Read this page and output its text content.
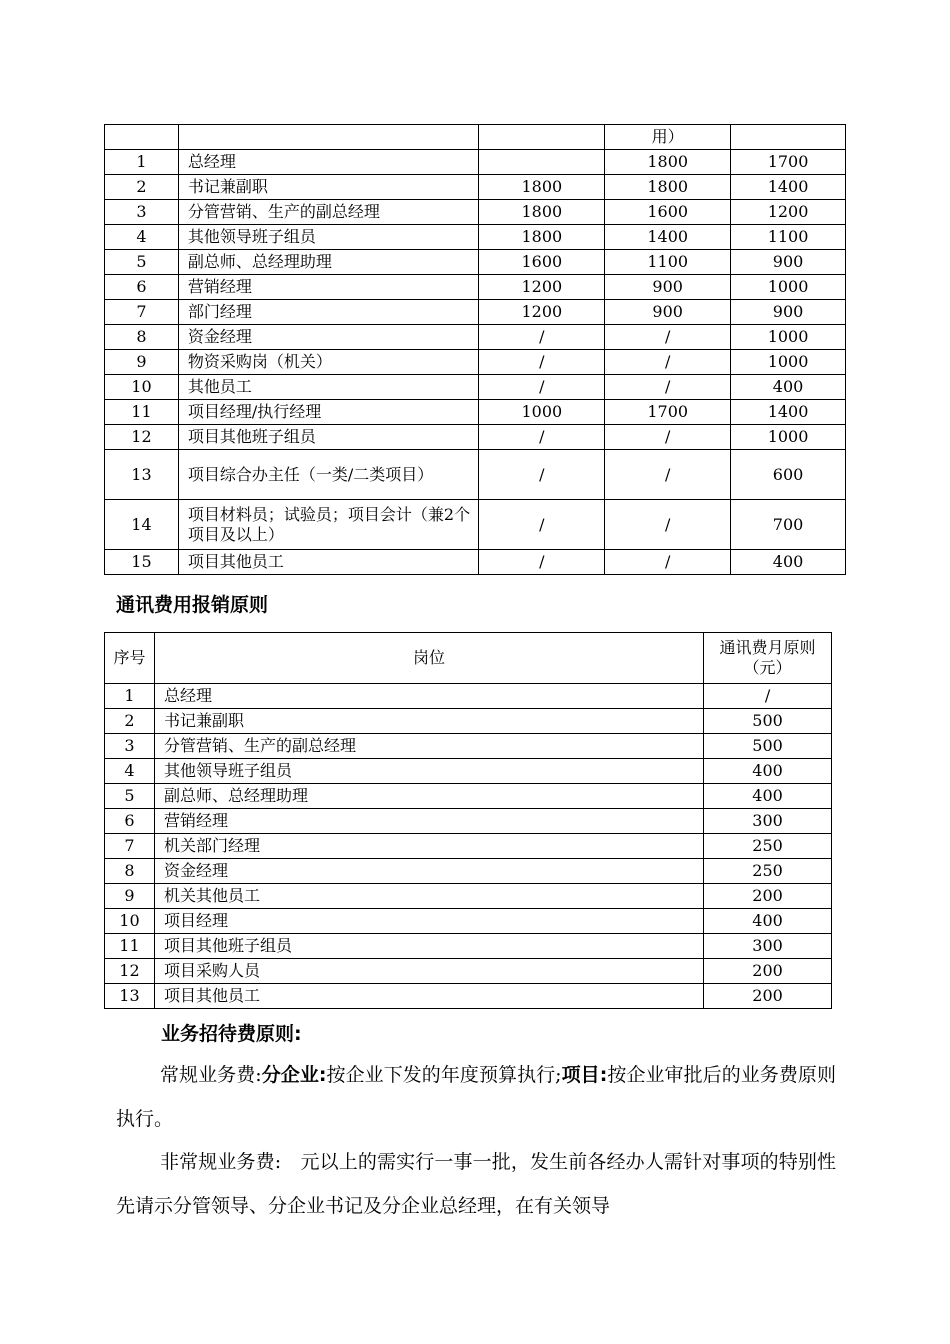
			用）	
1	总经理		1800	1700
2	书记兼副职	1800	1800	1400
3	分管营销、生产的副总经理	1800	1600	1200
4	其他领导班子组员	1800	1400	1100
5	副总师、总经理助理	1600	1100	900
6	营销经理	1200	900	1000
7	部门经理	1200	900	900
8	资金经理	/	/	1000
9	物资采购岗（机关）	/	/	1000
10	其他员工	/	/	400
11	项目经理/执行经理	1000	1700	1400
12	项目其他班子组员	/	/	1000
13	项目综合办主任（一类/二类项目）	/	/	600
14	项目材料员；试验员；项目会计（兼2个项目及以上）	/	/	700
15	项目其他员工	/	/	400

通讯费用报销原则

序号	岗位	通讯费月原则（元）
1	总经理	/
2	书记兼副职	500
3	分管营销、生产的副总经理	500
4	其他领导班子组员	400
5	副总师、总经理助理	400
6	营销经理	300
7	机关部门经理	250
8	资金经理	250
9	机关其他员工	200
10	项目经理	400
11	项目其他班子组员	300
12	项目采购人员	200
13	项目其他员工	200

业务招待费原则:

常规业务费:分企业:按企业下发的年度预算执行;项目:按企业审批后的业务费原则执行。

非常规业务费:　元以上的需实行一事一批，发生前各经办人需针对事项的特别性先请示分管领导、分企业书记及分企业总经理，在有关领导
